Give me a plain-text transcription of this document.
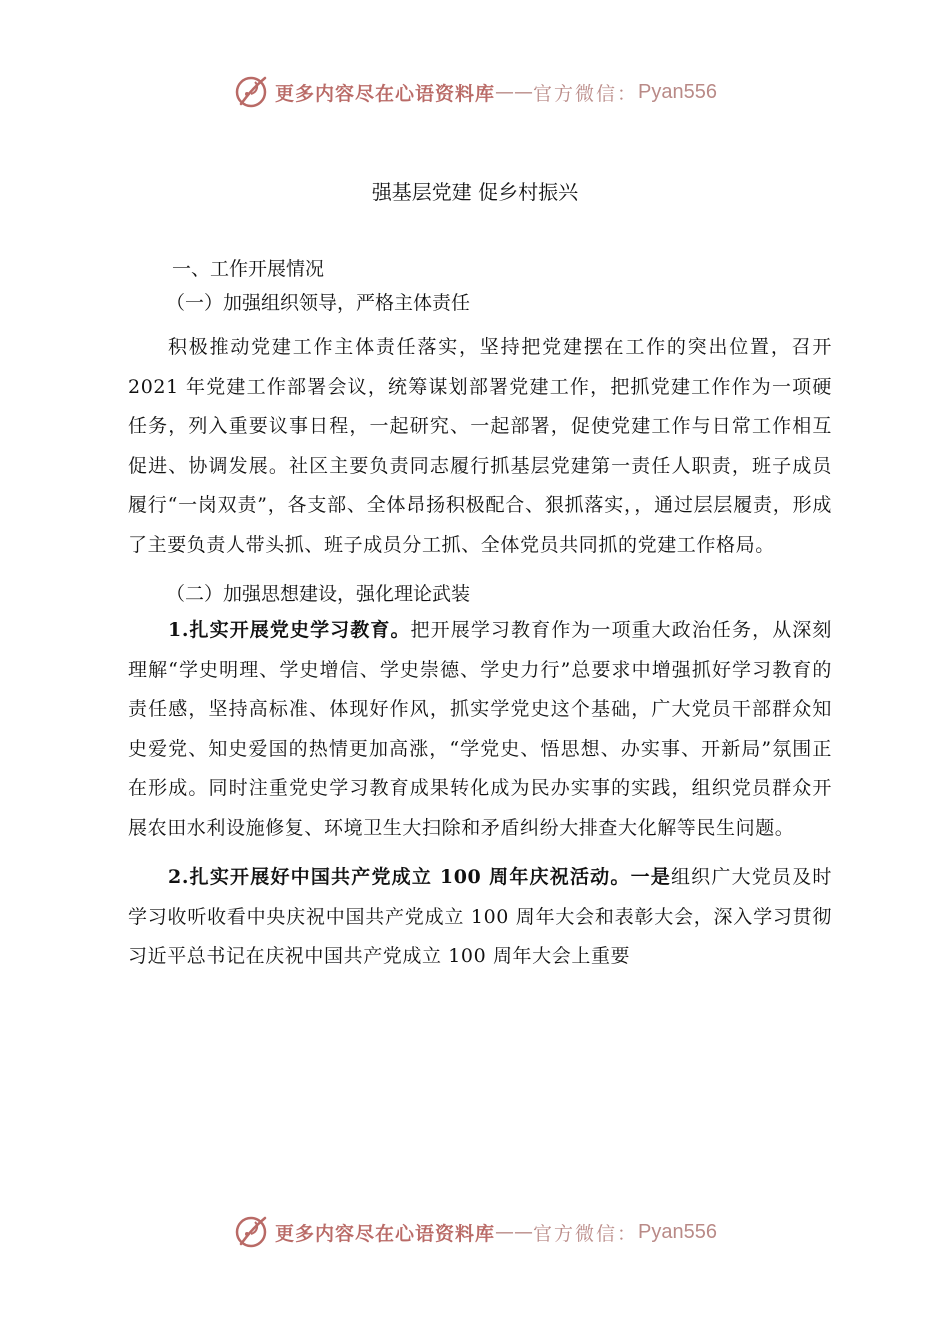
更多内容尽在心语资料库 —— 官方微信： Pyan556
强基层党建 促乡村振兴

一、工作开展情况

（一）加强组织领导，严格主体责任

积极推动党建工作主体责任落实，坚持把党建摆在工作的突出位置，召开 2021 年党建工作部署会议，统筹谋划部署党建工作，把抓党建工作作为一项硬任务，列入重要议事日程，一起研究、一起部署，促使党建工作与日常工作相互促进、协调发展。社区主要负责同志履行抓基层党建第一责任人职责，班子成员履行“一岗双责”，各支部、全体昂扬积极配合、狠抓落实，，通过层层履责，形成了主要负责人带头抓、班子成员分工抓、全体党员共同抓的党建工作格局。

（二）加强思想建设，强化理论武装

1.扎实开展党史学习教育。把开展学习教育作为一项重大政治任务，从深刻理解“学史明理、学史增信、学史崇德、学史力行”总要求中增强抓好学习教育的责任感，坚持高标准、体现好作风，抓实学党史这个基础，广大党员干部群众知史爱党、知史爱国的热情更加高涨，“学党史、悟思想、办实事、开新局”氛围正在形成。同时注重党史学习教育成果转化成为民办实事的实践，组织党员群众开展农田水利设施修复、环境卫生大扫除和矛盾纠纷大排查大化解等民生问题。

2.扎实开展好中国共产党成立 100 周年庆祝活动。一是组织广大党员及时学习收听收看中央庆祝中国共产党成立 100 周年大会和表彰大会，深入学习贯彻习近平总书记在庆祝中国共产党成立 100 周年大会上重要

更多内容尽在心语资料库 —— 官方微信： Pyan556
